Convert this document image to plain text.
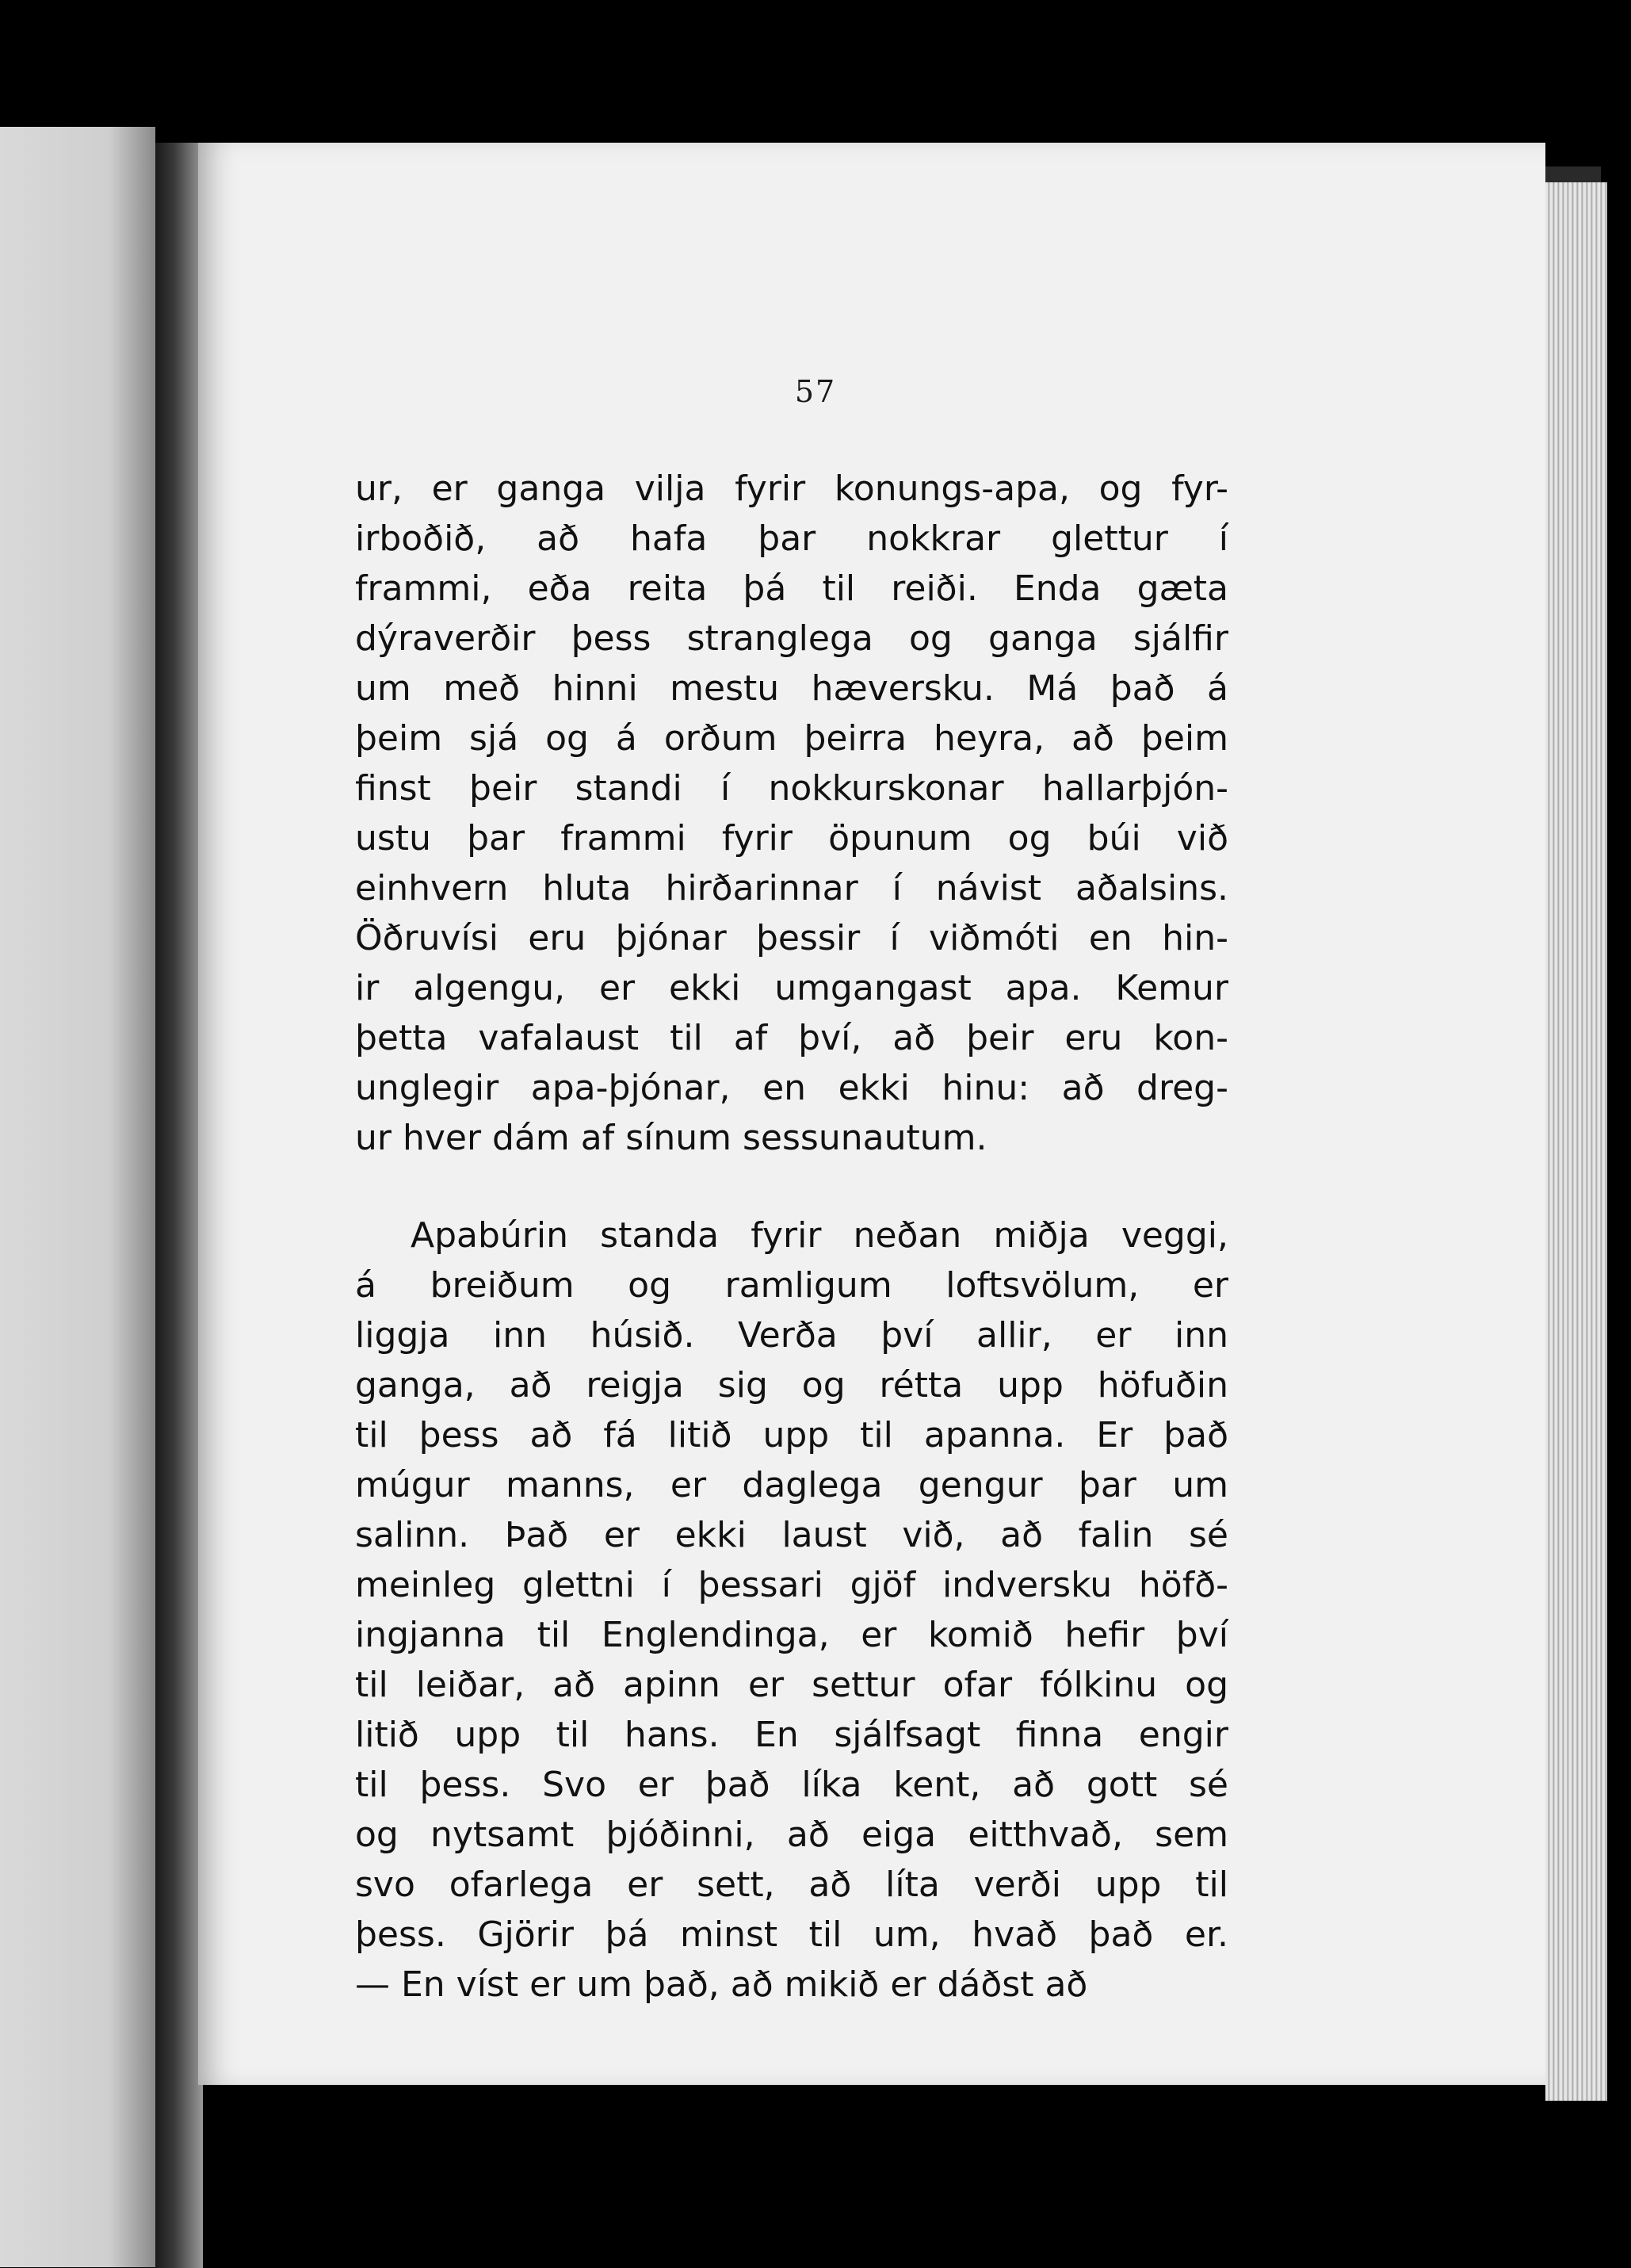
57
ur, er ganga vilja fyrir konungs-apa, og fyr-
irboðið, að hafa þar nokkrar glettur í
frammi, eða reita þá til reiði. Enda gæta
dýraverðir þess stranglega og ganga sjálfir
um með hinni mestu hæversku. Má það á
þeim sjá og á orðum þeirra heyra, að þeim
finst þeir standi í nokkurskonar hallarþjón-
ustu þar frammi fyrir öpunum og búi við
einhvern hluta hirðarinnar í návist aðalsins.
Öðruvísi eru þjónar þessir í viðmóti en hin-
ir algengu, er ekki umgangast apa. Kemur
þetta vafalaust til af því, að þeir eru kon-
unglegir apa-þjónar, en ekki hinu: að dreg-
ur hver dám af sínum sessunautum.
Apabúrin standa fyrir neðan miðja veggi,
á breiðum og ramligum loftsvölum, er
liggja inn húsið. Verða því allir, er inn
ganga, að reigja sig og rétta upp höfuðin
til þess að fá litið upp til apanna. Er það
múgur manns, er daglega gengur þar um
salinn. Það er ekki laust við, að falin sé
meinleg glettni í þessari gjöf indversku höfð-
ingjanna til Englendinga, er komið hefir því
til leiðar, að apinn er settur ofar fólkinu og
litið upp til hans. En sjálfsagt finna engir
til þess. Svo er það líka kent, að gott sé
og nytsamt þjóðinni, að eiga eitthvað, sem
svo ofarlega er sett, að líta verði upp til
þess. Gjörir þá minst til um, hvað það er.
— En víst er um það, að mikið er dáðst að
